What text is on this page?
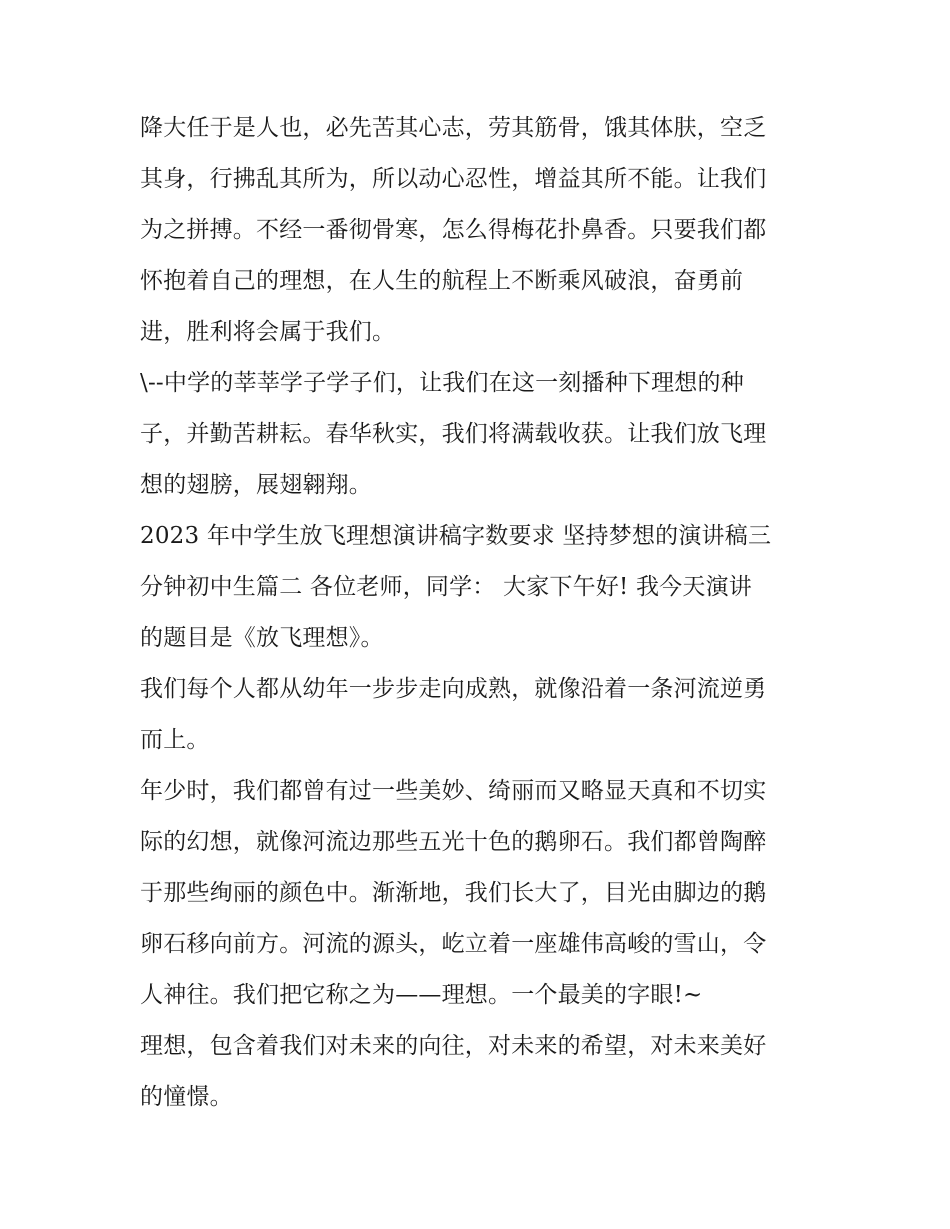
降大任于是人也，必先苦其心志，劳其筋骨，饿其体肤，空乏
其身，行拂乱其所为，所以动心忍性，增益其所不能。让我们
为之拼搏。不经一番彻骨寒，怎么得梅花扑鼻香。只要我们都
怀抱着自己的理想，在人生的航程上不断乘风破浪，奋勇前
进，胜利将会属于我们。

\--中学的莘莘学子学子们，让我们在这一刻播种下理想的种
子，并勤苦耕耘。春华秋实，我们将满载收获。让我们放飞理
想的翅膀，展翅翱翔。

2023 年中学生放飞理想演讲稿字数要求 坚持梦想的演讲稿三
分钟初中生篇二 各位老师，同学： 大家下午好! 我今天演讲
的题目是《放飞理想》。

我们每个人都从幼年一步步走向成熟，就像沿着一条河流逆勇
而上。

年少时，我们都曾有过一些美妙、绮丽而又略显天真和不切实
际的幻想，就像河流边那些五光十色的鹅卵石。我们都曾陶醉
于那些绚丽的颜色中。渐渐地，我们长大了，目光由脚边的鹅
卵石移向前方。河流的源头，屹立着一座雄伟高峻的雪山，令
人神往。我们把它称之为——理想。一个最美的字眼!~

理想，包含着我们对未来的向往，对未来的希望，对未来美好
的憧憬。
